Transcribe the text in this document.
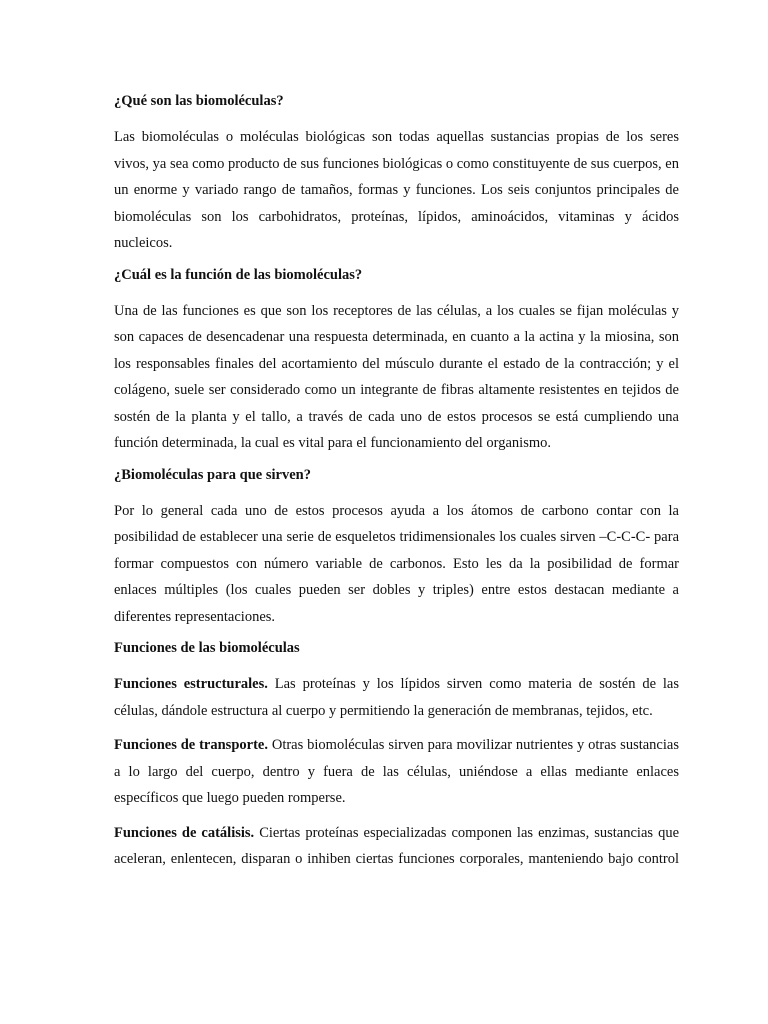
¿Qué son las biomoléculas?
Las biomoléculas o moléculas biológicas son todas aquellas sustancias propias de los seres vivos, ya sea como producto de sus funciones biológicas o como constituyente de sus cuerpos, en un enorme y variado rango de tamaños, formas y funciones. Los seis conjuntos principales de biomoléculas son los carbohidratos, proteínas, lípidos, aminoácidos, vitaminas y ácidos nucleicos.
¿Cuál es la función de las biomoléculas?
Una de las funciones es que son los receptores de las células, a los cuales se fijan moléculas y son capaces de desencadenar una respuesta determinada, en cuanto a la actina y la miosina, son los responsables finales del acortamiento del músculo durante el estado de la contracción; y el colágeno, suele ser considerado como un integrante de fibras altamente resistentes en tejidos de sostén de la planta y el tallo, a través de cada uno de estos procesos se está cumpliendo una función determinada, la cual es vital para el funcionamiento del organismo.
¿Biomoléculas para que sirven?
Por lo general cada uno de estos procesos ayuda a los átomos de carbono contar con la posibilidad de establecer una serie de esqueletos tridimensionales los cuales sirven –C-C-C- para formar compuestos con número variable de carbonos. Esto les da la posibilidad de formar enlaces múltiples (los cuales pueden ser dobles y triples) entre estos destacan mediante a diferentes representaciones.
Funciones de las biomoléculas
Funciones estructurales. Las proteínas y los lípidos sirven como materia de sostén de las células, dándole estructura al cuerpo y permitiendo la generación de membranas, tejidos, etc.
Funciones de transporte. Otras biomoléculas sirven para movilizar nutrientes y otras sustancias a lo largo del cuerpo, dentro y fuera de las células, uniéndose a ellas mediante enlaces específicos que luego pueden romperse.
Funciones de catálisis. Ciertas proteínas especializadas componen las enzimas, sustancias que aceleran, enlentecen, disparan o inhiben ciertas funciones corporales, manteniendo bajo control
